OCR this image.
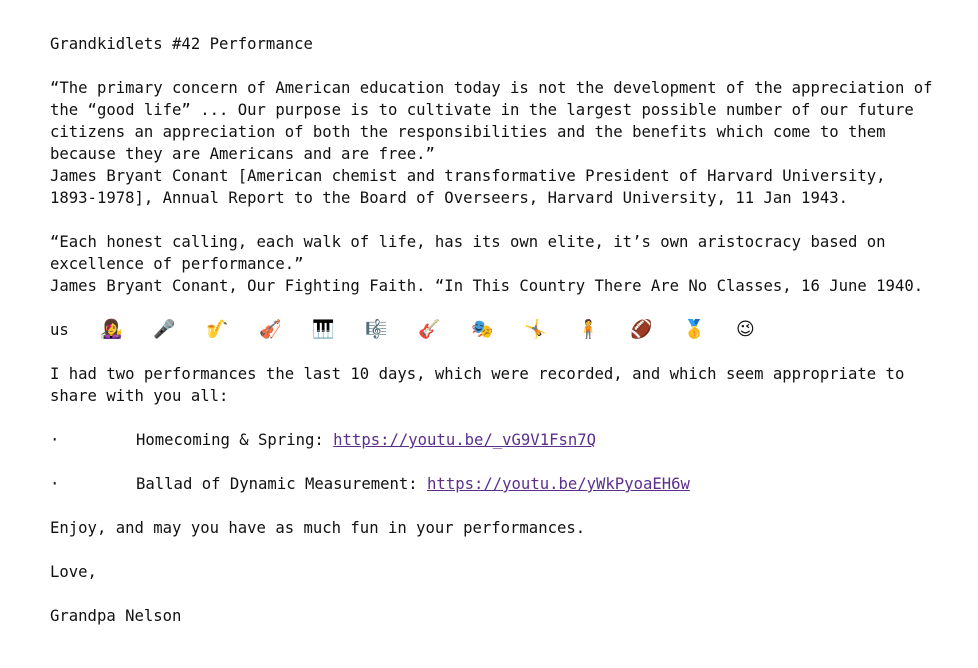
Grandkidlets #42 Performance
“The primary concern of American education today is not the development of the appreciation of
the “good life” ... Our purpose is to cultivate in the largest possible number of our future
citizens an appreciation of both the responsibilities and the benefits which come to them
because they are Americans and are free.”
James Bryant Conant [American chemist and transformative President of Harvard University,
1893-1978], Annual Report to the Board of Overseers, Harvard University, 11 Jan 1943.
“Each honest calling, each walk of life, has its own elite, it’s own aristocracy based on
excellence of performance.”
James Bryant Conant, Our Fighting Faith. “In This Country There Are No Classes, 16 June 1940.
us	👩‍🎤	🎤	🎷	🎻	🎹	🎼	🎸	🎭	🤸	🧍	🏈	🥇	😉
I had two performances the last 10 days, which were recorded, and which seem appropriate to
share with you all:
·	Homecoming & Spring: https://youtu.be/_vG9V1Fsn7Q
·	Ballad of Dynamic Measurement: https://youtu.be/yWkPyoaEH6w
Enjoy, and may you have as much fun in your performances.
Love,
Grandpa Nelson
